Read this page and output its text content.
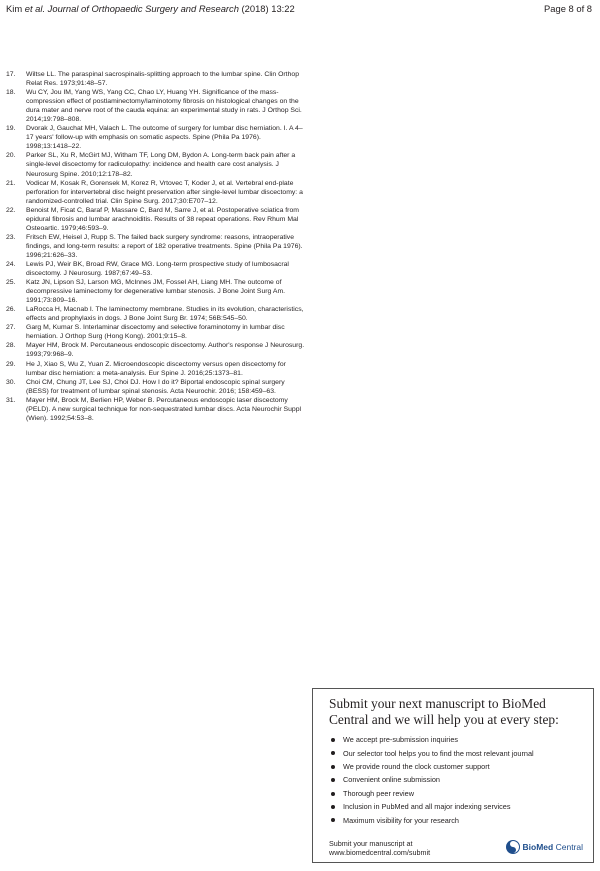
Kim et al. Journal of Orthopaedic Surgery and Research (2018) 13:22	Page 8 of 8
17.	Wiltse LL. The paraspinal sacrospinalis-splitting approach to the lumbar spine. Clin Orthop Relat Res. 1973;91:48–57.
18.	Wu CY, Jou IM, Yang WS, Yang CC, Chao LY, Huang YH. Significance of the mass-compression effect of postlaminectomy/laminotomy fibrosis on histological changes on the dura mater and nerve root of the cauda equina: an experimental study in rats. J Orthop Sci. 2014;19:798–808.
19.	Dvorak J, Gauchat MH, Valach L. The outcome of surgery for lumbar disc herniation. I. A 4–17 years' follow-up with emphasis on somatic aspects. Spine (Phila Pa 1976). 1998;13:1418–22.
20.	Parker SL, Xu R, McGirt MJ, Witham TF, Long DM, Bydon A. Long-term back pain after a single-level discectomy for radiculopathy: incidence and health care cost analysis. J Neurosurg Spine. 2010;12:178–82.
21.	Vodicar M, Kosak R, Gorensek M, Korez R, Vrtovec T, Koder J, et al. Vertebral end-plate perforation for intervertebral disc height preservation after single-level lumbar discectomy: a randomized-controlled trial. Clin Spine Surg. 2017;30:E707–12.
22.	Benoist M, Ficat C, Baraf P, Massare C, Bard M, Sarre J, et al. Postoperative sciatica from epidural fibrosis and lumbar arachnoiditis. Results of 38 repeat operations. Rev Rhum Mal Osteoartic. 1979;46:593–9.
23.	Fritsch EW, Heisel J, Rupp S. The failed back surgery syndrome: reasons, intraoperative findings, and long-term results: a report of 182 operative treatments. Spine (Phila Pa 1976). 1996;21:626–33.
24.	Lewis PJ, Weir BK, Broad RW, Grace MG. Long-term prospective study of lumbosacral discectomy. J Neurosurg. 1987;67:49–53.
25.	Katz JN, Lipson SJ, Larson MG, McInnes JM, Fossel AH, Liang MH. The outcome of decompressive laminectomy for degenerative lumbar stenosis. J Bone Joint Surg Am. 1991;73:809–16.
26.	LaRocca H, Macnab I. The laminectomy membrane. Studies in its evolution, characteristics, effects and prophylaxis in dogs. J Bone Joint Surg Br. 1974; 56B:545–50.
27.	Garg M, Kumar S. Interlaminar discectomy and selective foraminotomy in lumbar disc herniation. J Orthop Surg (Hong Kong). 2001;9:15–8.
28.	Mayer HM, Brock M. Percutaneous endoscopic discectomy. Author's response J Neurosurg. 1993;79:968–9.
29.	He J, Xiao S, Wu Z, Yuan Z. Microendoscopic discectomy versus open discectomy for lumbar disc herniation: a meta-analysis. Eur Spine J. 2016;25:1373–81.
30.	Choi CM, Chung JT, Lee SJ, Choi DJ. How I do it? Biportal endoscopic spinal surgery (BESS) for treatment of lumbar spinal stenosis. Acta Neurochir. 2016; 158:459–63.
31.	Mayer HM, Brock M, Berlien HP, Weber B. Percutaneous endoscopic laser discectomy (PELD). A new surgical technique for non-sequestrated lumbar discs. Acta Neurochir Suppl (Wien). 1992;54:53–8.

Submit your next manuscript to BioMed Central and we will help you at every step:

We accept pre-submission inquiries
Our selector tool helps you to find the most relevant journal
We provide round the clock customer support
Convenient online submission
Thorough peer review
Inclusion in PubMed and all major indexing services
Maximum visibility for your research
Submit your manuscript at
www.biomedcentral.com/submit
BioMed Central
